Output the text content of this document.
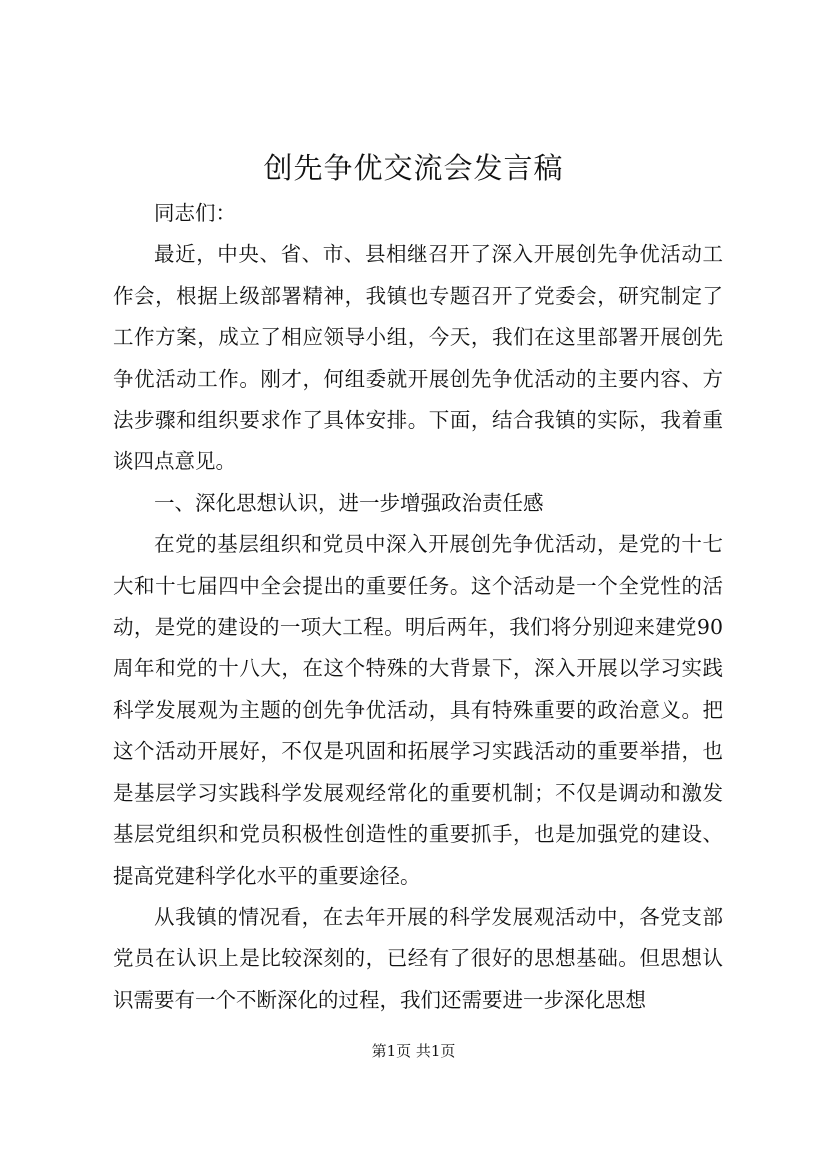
创先争优交流会发言稿

同志们：

最近，中央、省、市、县相继召开了深入开展创先争优活动工作会，根据上级部署精神，我镇也专题召开了党委会，研究制定了工作方案，成立了相应领导小组，今天，我们在这里部署开展创先争优活动工作。刚才，何组委就开展创先争优活动的主要内容、方法步骤和组织要求作了具体安排。下面，结合我镇的实际，我着重谈四点意见。

一、深化思想认识，进一步增强政治责任感

在党的基层组织和党员中深入开展创先争优活动，是党的十七大和十七届四中全会提出的重要任务。这个活动是一个全党性的活动，是党的建设的一项大工程。明后两年，我们将分别迎来建党90周年和党的十八大，在这个特殊的大背景下，深入开展以学习实践科学发展观为主题的创先争优活动，具有特殊重要的政治意义。把这个活动开展好，不仅是巩固和拓展学习实践活动的重要举措，也是基层学习实践科学发展观经常化的重要机制；不仅是调动和激发基层党组织和党员积极性创造性的重要抓手，也是加强党的建设、提高党建科学化水平的重要途径。

从我镇的情况看，在去年开展的科学发展观活动中，各党支部党员在认识上是比较深刻的，已经有了很好的思想基础。但思想认识需要有一个不断深化的过程，我们还需要进一步深化思想

第1页 共1页
